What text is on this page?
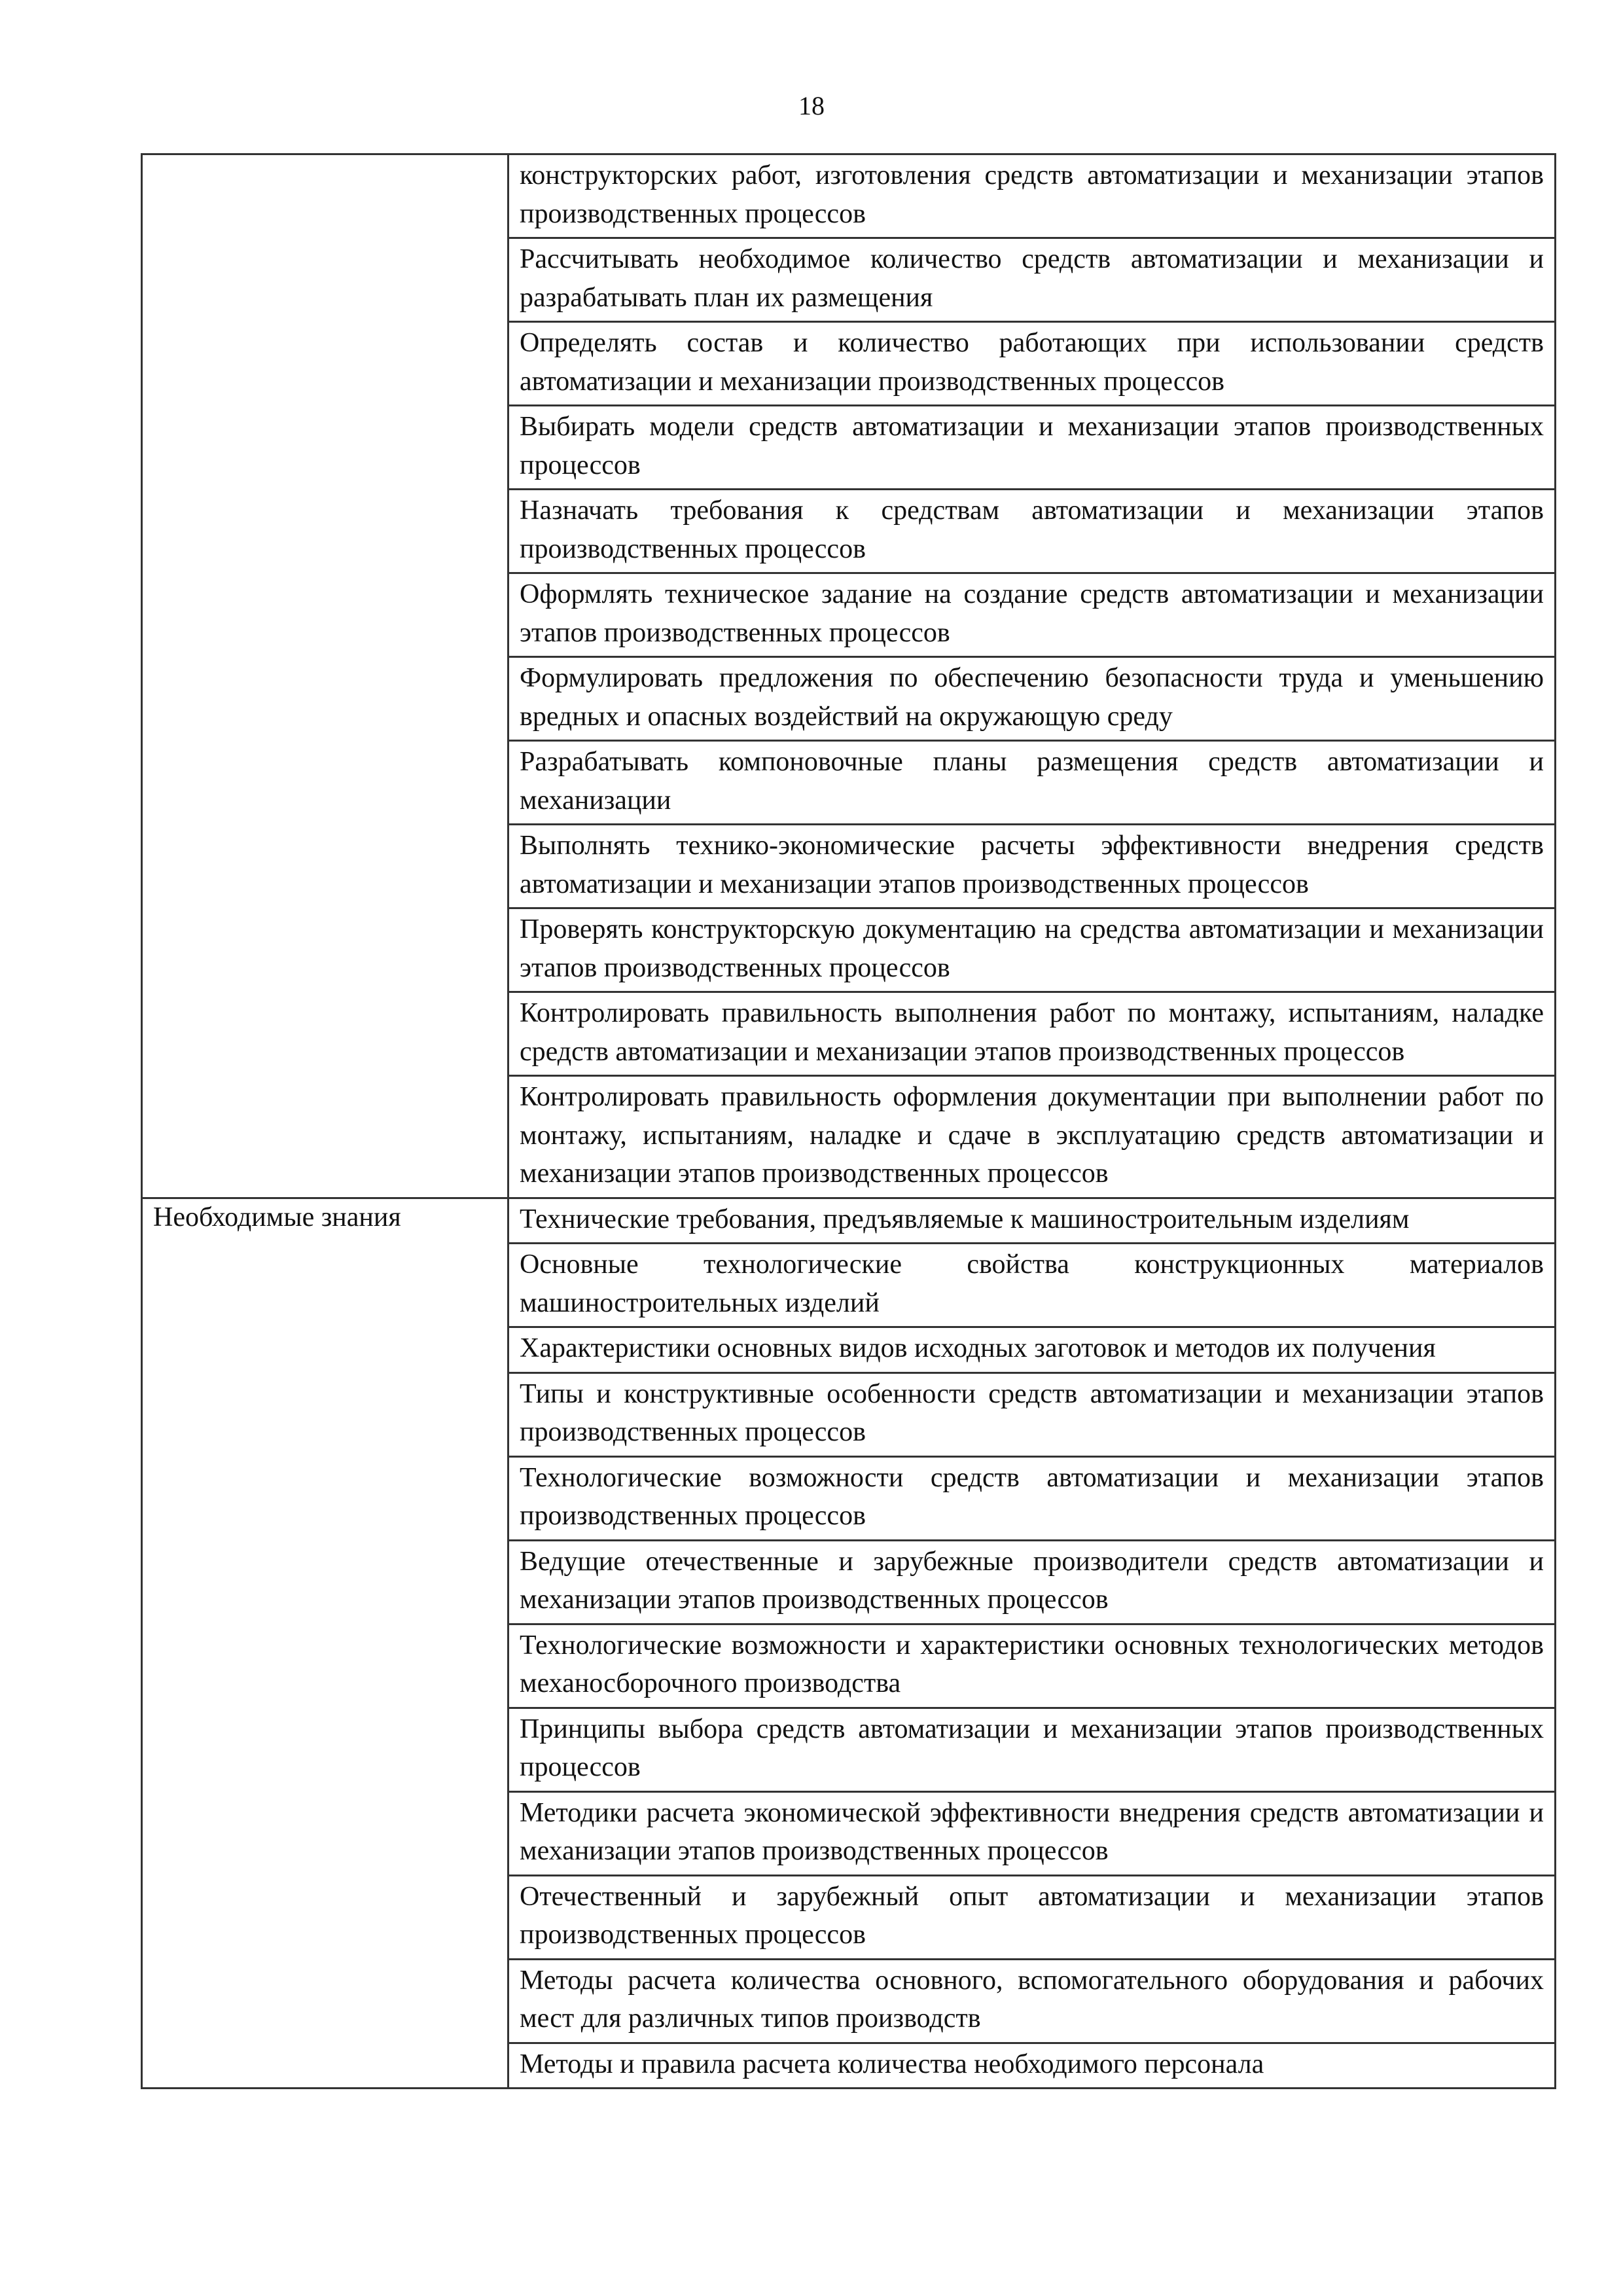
18
	конструкторских работ, изготовления средств автоматизации и механизации этапов производственных процессов
	Рассчитывать необходимое количество средств автоматизации и механизации и разрабатывать план их размещения
	Определять состав и количество работающих при использовании средств автоматизации и механизации производственных процессов
	Выбирать модели средств автоматизации и механизации этапов производственных процессов
	Назначать требования к средствам автоматизации и механизации этапов производственных процессов
	Оформлять техническое задание на создание средств автоматизации и механизации этапов производственных процессов
	Формулировать предложения по обеспечению безопасности труда и уменьшению вредных и опасных воздействий на окружающую среду
	Разрабатывать компоновочные планы размещения средств автоматизации и механизации
	Выполнять технико-экономические расчеты эффективности внедрения средств автоматизации и механизации этапов производственных процессов
	Проверять конструкторскую документацию на средства автоматизации и механизации этапов производственных процессов
	Контролировать правильность выполнения работ по монтажу, испытаниям, наладке средств автоматизации и механизации этапов производственных процессов
	Контролировать правильность оформления документации при выполнении работ по монтажу, испытаниям, наладке и сдаче в эксплуатацию средств автоматизации и механизации этапов производственных процессов
Необходимые знания	Технические требования, предъявляемые к машиностроительным изделиям
	Основные технологические свойства конструкционных материалов машиностроительных изделий
	Характеристики основных видов исходных заготовок и методов их получения
	Типы и конструктивные особенности средств автоматизации и механизации этапов производственных процессов
	Технологические возможности средств автоматизации и механизации этапов производственных процессов
	Ведущие отечественные и зарубежные производители средств автоматизации и механизации этапов производственных процессов
	Технологические возможности и характеристики основных технологических методов механосборочного производства
	Принципы выбора средств автоматизации и механизации этапов производственных процессов
	Методики расчета экономической эффективности внедрения средств автоматизации и механизации этапов производственных процессов
	Отечественный и зарубежный опыт автоматизации и механизации этапов производственных процессов
	Методы расчета количества основного, вспомогательного оборудования и рабочих мест для различных типов производств
	Методы и правила расчета количества необходимого персонала
